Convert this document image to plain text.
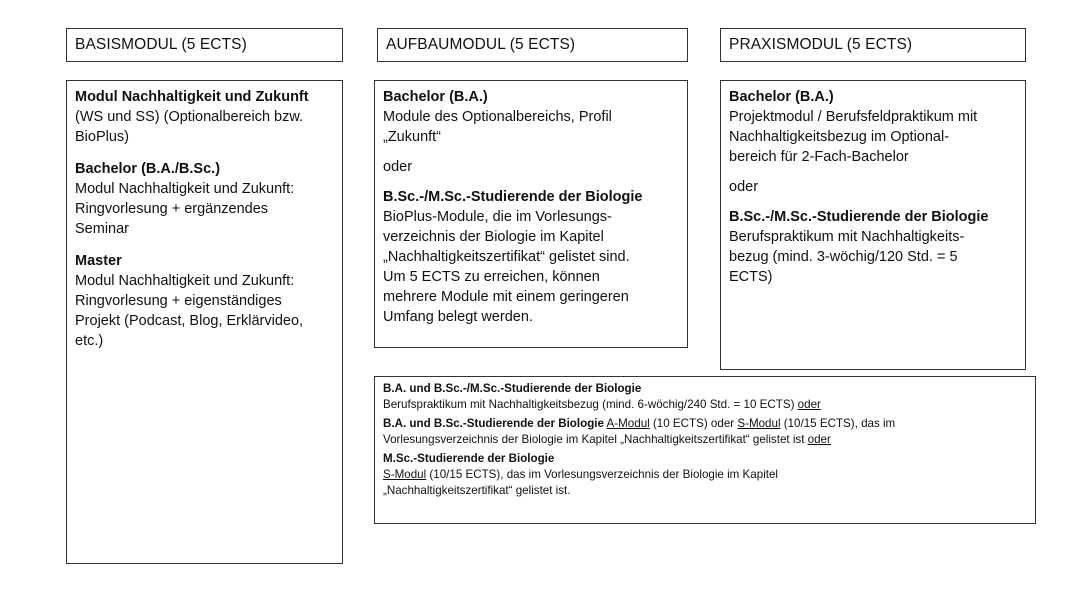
BASISMODUL (5 ECTS)	AUFBAUMODUL (5 ECTS)	PRAXISMODUL (5 ECTS)

Modul Nachhaltigkeit und Zukunft

(WS und SS) (Optionalbereich bzw.

BioPlus)

Bachelor (B.A./B.Sc.)

Modul Nachhaltigkeit und Zukunft:

Ringvorlesung + ergänzendes

Seminar

Master

Modul Nachhaltigkeit und Zukunft:

Ringvorlesung + eigenständiges

Projekt (Podcast, Blog, Erklärvideo,

etc.)

Bachelor (B.A.)

Module des Optionalbereichs, Profil

„Zukunft“

oder

B.Sc.-/M.Sc.-Studierende der Biologie

BioPlus-Module, die im Vorlesungs-

verzeichnis der Biologie im Kapitel

„Nachhaltigkeitszertifikat“ gelistet sind.

Um 5 ECTS zu erreichen, können

mehrere Module mit einem geringeren

Umfang belegt werden.

Bachelor (B.A.)

Projektmodul / Berufsfeldpraktikum mit

Nachhaltigkeitsbezug im Optional-

bereich für 2-Fach-Bachelor

oder

B.Sc.-/M.Sc.-Studierende der Biologie

Berufspraktikum mit Nachhaltigkeits-

bezug (mind. 3-wöchig/120 Std. = 5

ECTS)

B.A. und B.Sc.-/M.Sc.-Studierende der Biologie

Berufspraktikum mit Nachhaltigkeitsbezug (mind. 6-wöchig/240 Std. = 10 ECTS) oder

B.A. und B.Sc.-Studierende der Biologie A-Modul (10 ECTS) oder S-Modul (10/15 ECTS), das im

Vorlesungsverzeichnis der Biologie im Kapitel „Nachhaltigkeitszertifikat“ gelistet ist oder

M.Sc.-Studierende der Biologie

S-Modul (10/15 ECTS), das im Vorlesungsverzeichnis der Biologie im Kapitel

„Nachhaltigkeitszertifikat“ gelistet ist.
